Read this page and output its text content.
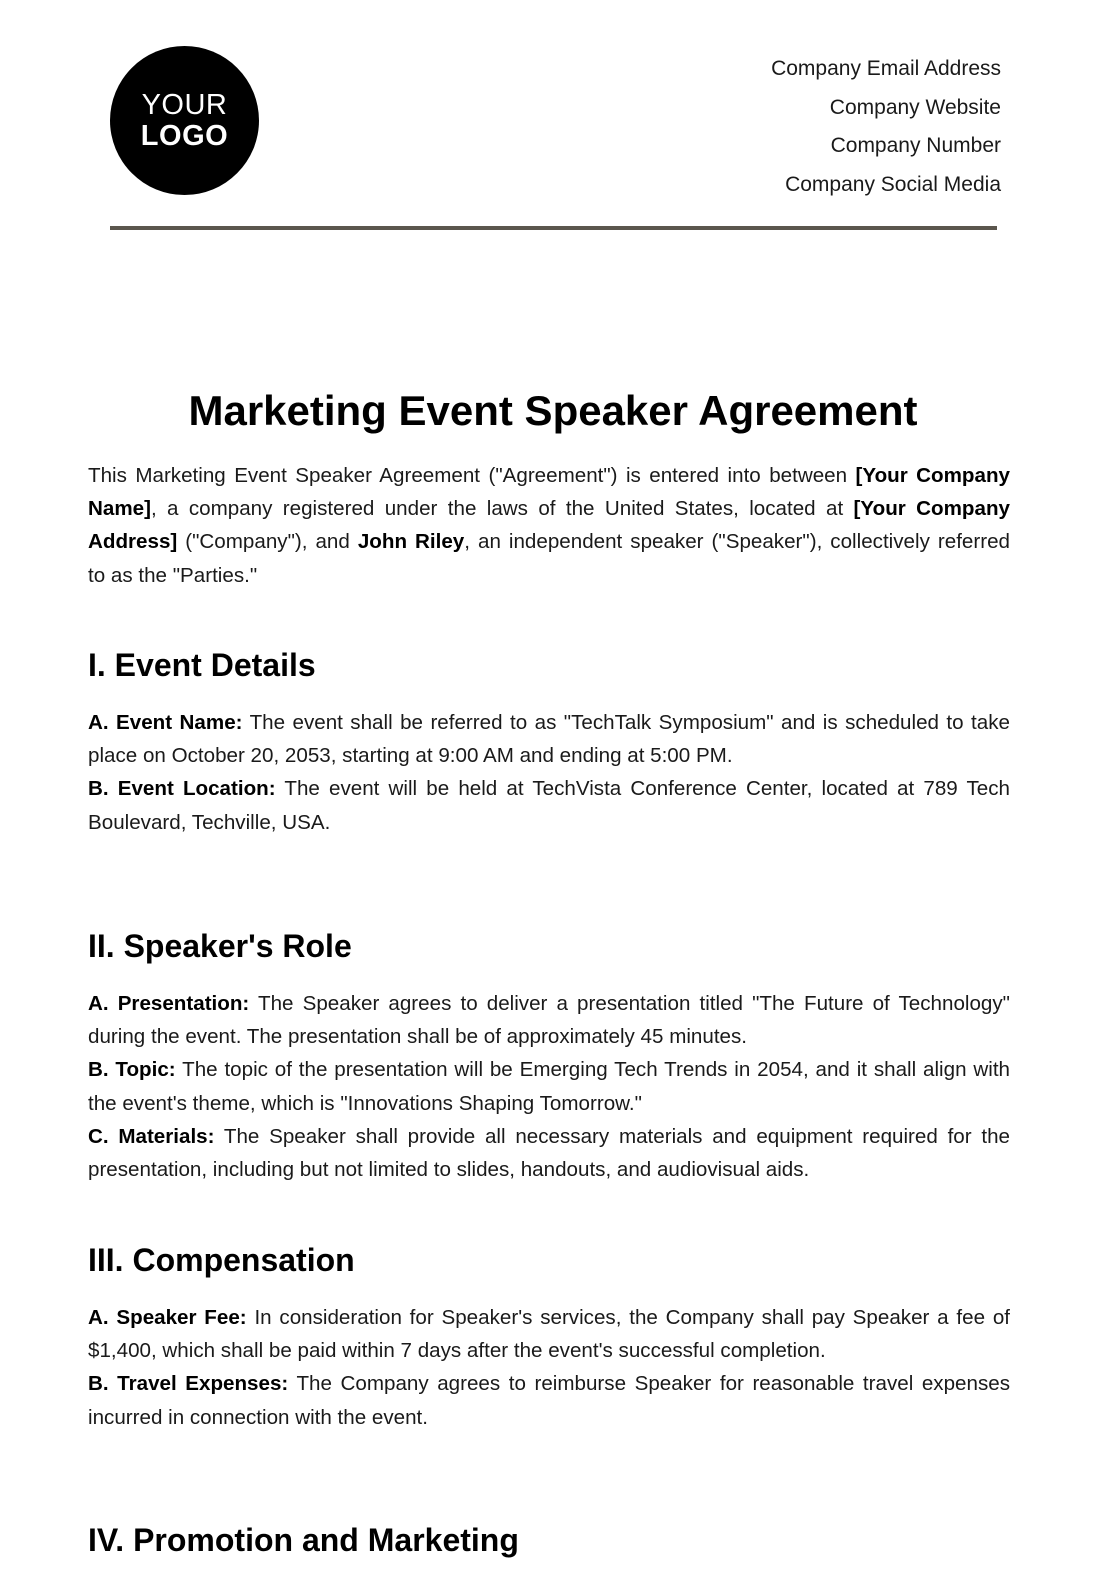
YOUR
LOGO
Company Email Address
Company Website
Company Number
Company Social Media
Marketing Event Speaker Agreement

This Marketing Event Speaker Agreement ("Agreement") is entered into between [Your Company Name], a company registered under the laws of the United States, located at [Your Company Address] ("Company"), and John Riley, an independent speaker ("Speaker"), collectively referred to as the "Parties."

I. Event Details

A. Event Name: The event shall be referred to as "TechTalk Symposium" and is scheduled to take place on October 20, 2053, starting at 9:00 AM and ending at 5:00 PM.

B. Event Location: The event will be held at TechVista Conference Center, located at 789 Tech Boulevard, Techville, USA.

II. Speaker's Role

A. Presentation: The Speaker agrees to deliver a presentation titled "The Future of Technology" during the event. The presentation shall be of approximately 45 minutes.

B. Topic: The topic of the presentation will be Emerging Tech Trends in 2054, and it shall align with the event's theme, which is "Innovations Shaping Tomorrow."

C. Materials: The Speaker shall provide all necessary materials and equipment required for the presentation, including but not limited to slides, handouts, and audiovisual aids.

III. Compensation

A. Speaker Fee: In consideration for Speaker's services, the Company shall pay Speaker a fee of $1,400, which shall be paid within 7 days after the event's successful completion.

B. Travel Expenses: The Company agrees to reimburse Speaker for reasonable travel expenses incurred in connection with the event.

IV. Promotion and Marketing
